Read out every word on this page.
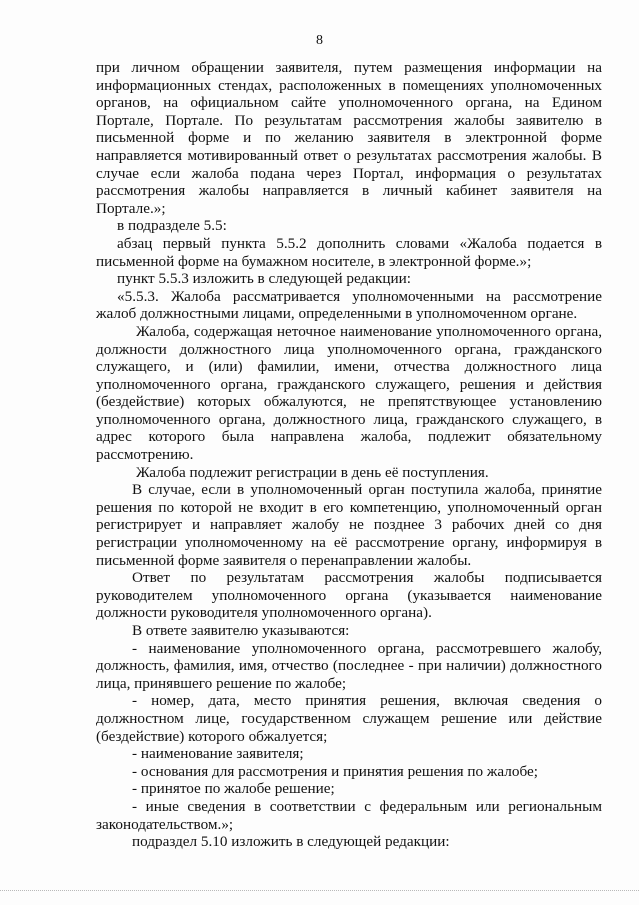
8

при личном обращении заявителя, путем размещения информации на информационных стендах, расположенных в помещениях уполномоченных органов, на официальном сайте уполномоченного органа, на Едином Портале, Портале. По результатам рассмотрения жалобы заявителю в письменной форме и по желанию заявителя в электронной форме направляется мотивированный ответ о результатах рассмотрения жалобы. В случае если жалоба подана через Портал, информация о результатах рассмотрения жалобы направляется в личный кабинет заявителя на Портале.»;

в подразделе 5.5:

абзац первый пункта 5.5.2 дополнить словами «Жалоба подается в письменной форме на бумажном носителе, в электронной форме.»;

пункт 5.5.3 изложить в следующей редакции:

«5.5.3. Жалоба рассматривается уполномоченными на рассмотрение жалоб должностными лицами, определенными в уполномоченном органе.

Жалоба, содержащая неточное наименование уполномоченного органа, должности должностного лица уполномоченного органа, гражданского служащего, и (или) фамилии, имени, отчества должностного лица уполномоченного органа, гражданского служащего, решения и действия (бездействие) которых обжалуются, не препятствующее установлению уполномоченного органа, должностного лица, гражданского служащего, в адрес которого была направлена жалоба, подлежит обязательному рассмотрению.

Жалоба подлежит регистрации в день её поступления.

В случае, если в уполномоченный орган поступила жалоба, принятие решения по которой не входит в его компетенцию, уполномоченный орган регистрирует и направляет жалобу не позднее 3 рабочих дней со дня регистрации уполномоченному на её рассмотрение органу, информируя в письменной форме заявителя о перенаправлении жалобы.

Ответ по результатам рассмотрения жалобы подписывается руководителем уполномоченного органа (указывается наименование должности руководителя уполномоченного органа).

В ответе заявителю указываются:

- наименование уполномоченного органа, рассмотревшего жалобу, должность, фамилия, имя, отчество (последнее - при наличии) должностного лица, принявшего решение по жалобе;

- номер, дата, место принятия решения, включая сведения о должностном лице, государственном служащем решение или действие (бездействие) которого обжалуется;

- наименование заявителя;

- основания для рассмотрения и принятия решения по жалобе;

- принятое по жалобе решение;

- иные сведения в соответствии с федеральным или региональным законодательством.»;

подраздел 5.10 изложить в следующей редакции:
